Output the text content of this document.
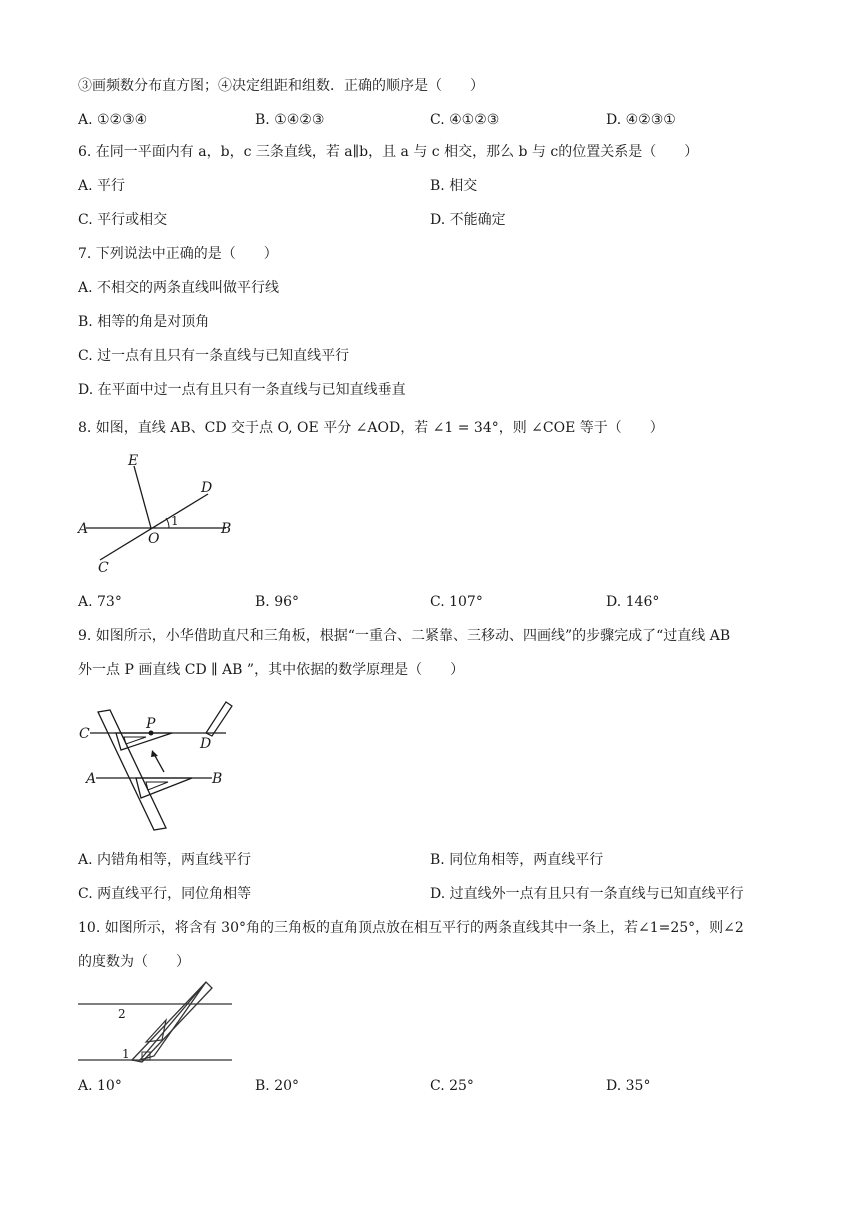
③画频数分布直方图；④决定组距和组数．正确的顺序是（　　）
A. ①②③④	B. ①④②③	C. ④①②③	D. ④②③①
6. 在同一平面内有 a，b，c 三条直线，若 a∥b，且 a 与 c 相交，那么 b 与 c的位置关系是（　　）
A. 平行	B. 相交
C. 平行或相交	D. 不能确定
7. 下列说法中正确的是（　　）
A. 不相交的两条直线叫做平行线
B. 相等的角是对顶角
C. 过一点有且只有一条直线与已知直线平行
D. 在平面中过一点有且只有一条直线与已知直线垂直
8. 如图，直线 AB、CD 交于点 O, OE 平分 ∠AOD，若 ∠1 = 34°，则 ∠COE 等于（　　）
E
D
A	B
O
C
1
A. 73°	B. 96°	C. 107°	D. 146°
9. 如图所示，小华借助直尺和三角板，根据“一重合、二紧靠、三移动、四画线”的步骤完成了“过直线 AB
外一点 P 画直线 CD ∥ AB ”，其中依据的数学原理是（　　）
P
C
D
A	B
A. 内错角相等，两直线平行	B. 同位角相等，两直线平行
C. 两直线平行，同位角相等	D. 过直线外一点有且只有一条直线与已知直线平行
10. 如图所示，将含有 30°角的三角板的直角顶点放在相互平行的两条直线其中一条上，若∠1=25°，则∠2
的度数为（　　）
2
1
A. 10°	B. 20°	C. 25°	D. 35°
